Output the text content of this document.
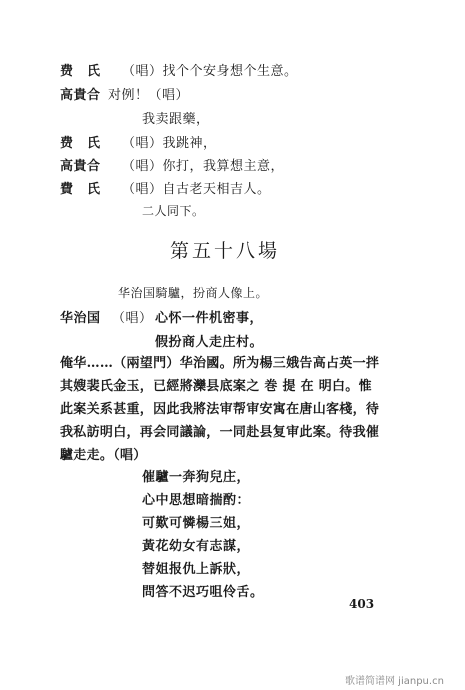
费　氏 （唱）找个个安身想个生意。
高貴合 对例！（唱）
我卖跟藥，
费　氏 （唱）我跳神，
高貴合 （唱）你打，我算想主意，
費　氏 （唱）自古老天相吉人。
二人同下。
第五十八場
华治国騎驢，扮商人像上。
华治国 （唱） 心怀一件机密事，
假扮商人走庄村。
俺华……（兩望門）华治國。所为楊三娥告高占英一拌其嫂裴氏金玉，已經將灤县底案之 巻 提 在 明白。惟此案关系甚重，因此我將法审帮审安寓在唐山客棧，待我私訪明白，再会同議論，一同赴县复审此案。待我催驢走走。（唱）
催驢一奔狗兒庄，
心中思想暗揣酌：
可歎可憐楊三姐，
黃花幼女有志謀，
替姐报仇上訴狀，
問答不迟巧咀伶舌。
403
歌谱简谱网 jianpu.cn
